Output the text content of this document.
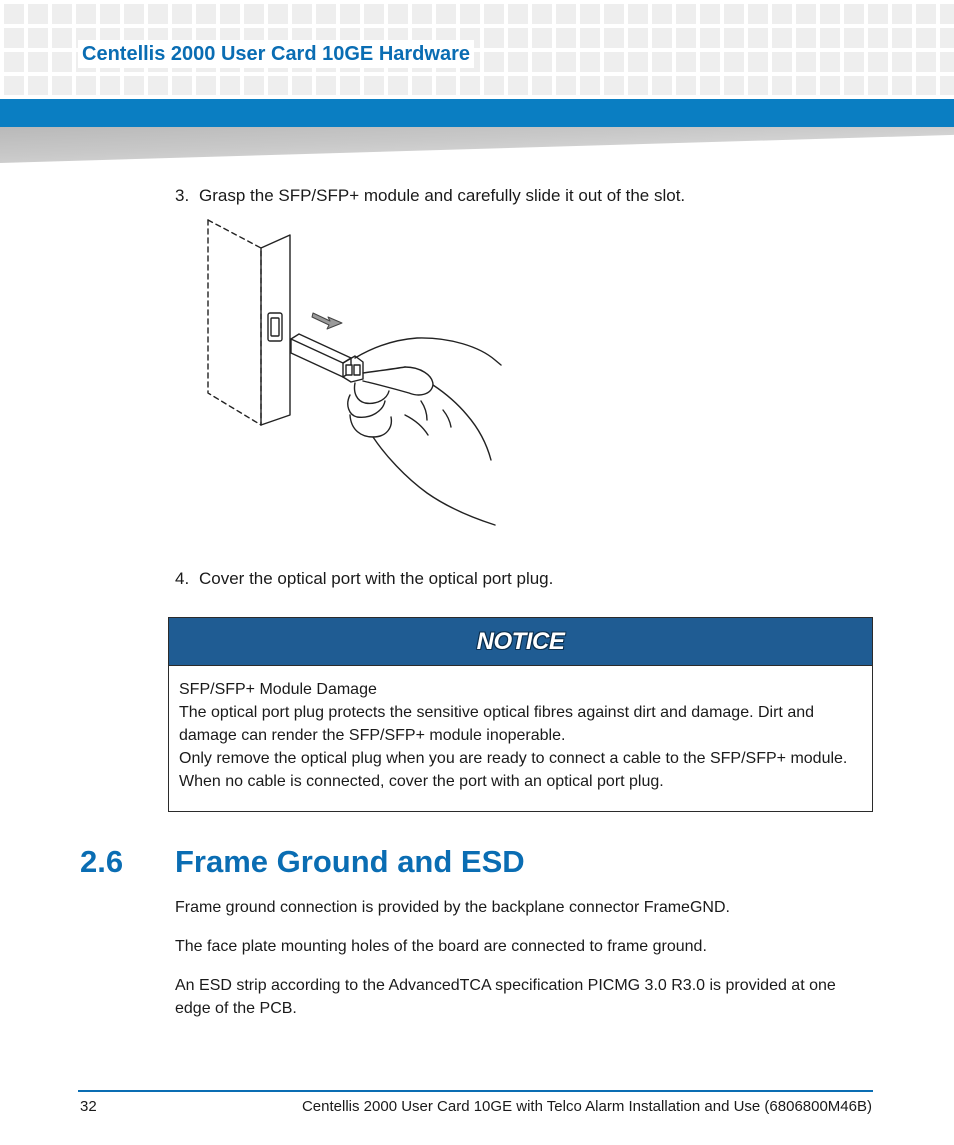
Centellis 2000 User Card 10GE Hardware
3. Grasp the SFP/SFP+ module and carefully slide it out of the slot.
4. Cover the optical port with the optical port plug.
NOTICE

SFP/SFP+ Module Damage

The optical port plug protects the sensitive optical fibres against dirt and damage. Dirt and damage can render the SFP/SFP+ module inoperable.

Only remove the optical plug when you are ready to connect a cable to the SFP/SFP+ module. When no cable is connected, cover the port with an optical port plug.

2.6 Frame Ground and ESD

Frame ground connection is provided by the backplane connector FrameGND.

The face plate mounting holes of the board are connected to frame ground.

An ESD strip according to the AdvancedTCA specification PICMG 3.0 R3.0 is provided at one edge of the PCB.

32	Centellis 2000 User Card 10GE with Telco Alarm Installation and Use (6806800M46B)
